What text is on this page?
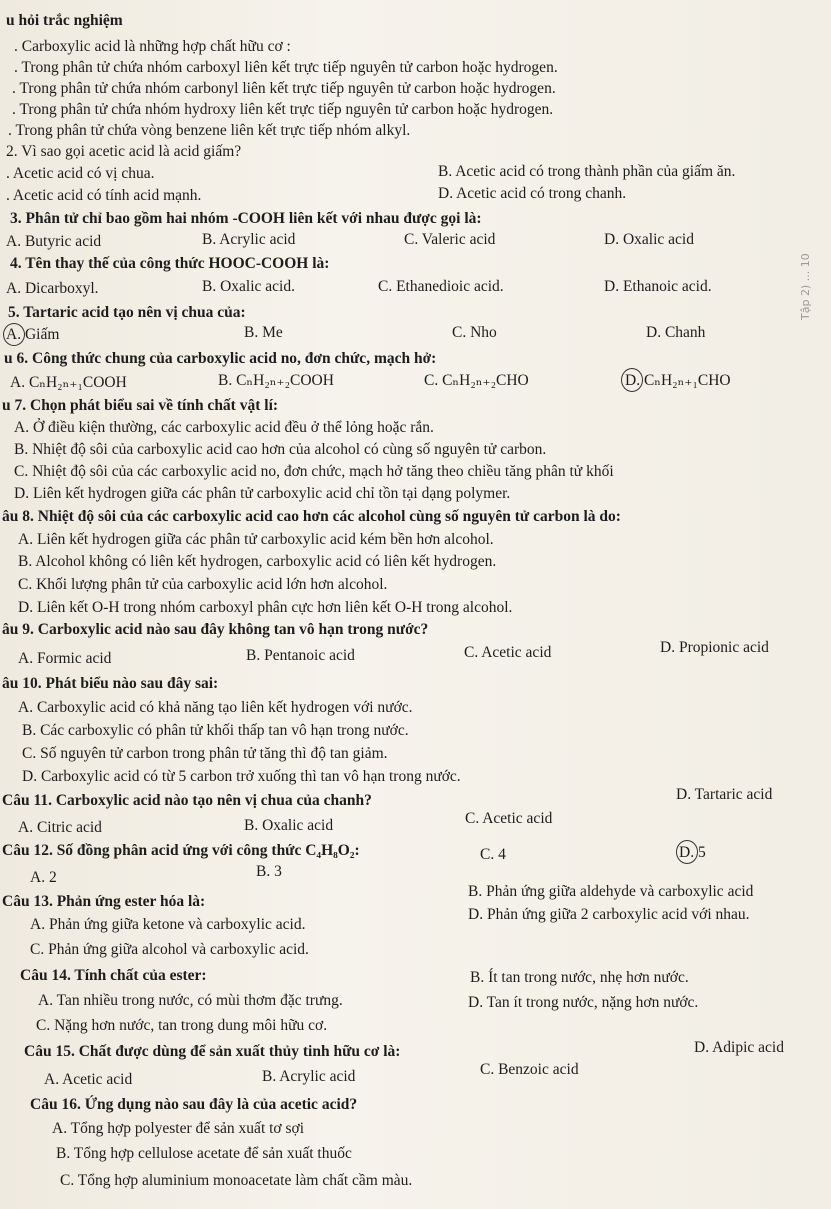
u hỏi trắc nghiệm
Tập 2) ... 10
. Carboxylic acid là những hợp chất hữu cơ :
. Trong phân tử chứa nhóm carboxyl liên kết trực tiếp nguyên tử carbon hoặc hydrogen.
. Trong phân tử chứa nhóm carbonyl liên kết trực tiếp nguyên tử carbon hoặc hydrogen.
. Trong phân tử chứa nhóm hydroxy liên kết trực tiếp nguyên tử carbon hoặc hydrogen.
. Trong phân tử chứa vòng benzene liên kết trực tiếp nhóm alkyl.
2. Vì sao gọi acetic acid là acid giấm?
. Acetic acid có vị chua.	B. Acetic acid có trong thành phần của giấm ăn.
. Acetic acid có tính acid mạnh.	D. Acetic acid có trong chanh.
3. Phân tử chỉ bao gồm hai nhóm -COOH liên kết với nhau được gọi là:
A. Butyric acid	B. Acrylic acid	C. Valeric acid	D. Oxalic acid
4. Tên thay thế của công thức HOOC-COOH là:
A. Dicarboxyl.	B. Oxalic acid.	C. Ethanedioic acid.	D. Ethanoic acid.
5. Tartaric acid tạo nên vị chua của:
A. Giấm	B. Me	C. Nho	D. Chanh
u 6. Công thức chung của carboxylic acid no, đơn chức, mạch hở:
A. CₙH₂ₙ₊₁COOH	B. CₙH₂ₙ₊₂COOH	C. CₙH₂ₙ₊₂CHO	D. CₙH₂ₙ₊₁CHO
u 7. Chọn phát biểu sai về tính chất vật lí:
A. Ở điều kiện thường, các carboxylic acid đều ở thể lỏng hoặc rắn.
B. Nhiệt độ sôi của carboxylic acid cao hơn của alcohol có cùng số nguyên tử carbon.
C. Nhiệt độ sôi của các carboxylic acid no, đơn chức, mạch hở tăng theo chiều tăng phân tử khối
D. Liên kết hydrogen giữa các phân tử carboxylic acid chỉ tồn tại dạng polymer.
âu 8. Nhiệt độ sôi của các carboxylic acid cao hơn các alcohol cùng số nguyên tử carbon là do:
A. Liên kết hydrogen giữa các phân tử carboxylic acid kém bền hơn alcohol.
B. Alcohol không có liên kết hydrogen, carboxylic acid có liên kết hydrogen.
C. Khối lượng phân tử của carboxylic acid lớn hơn alcohol.
D. Liên kết O-H trong nhóm carboxyl phân cực hơn liên kết O-H trong alcohol.
âu 9. Carboxylic acid nào sau đây không tan vô hạn trong nước?
A. Formic acid	B. Pentanoic acid	C. Acetic acid	D. Propionic acid
âu 10. Phát biểu nào sau đây sai:
A. Carboxylic acid có khả năng tạo liên kết hydrogen với nước.
B. Các carboxylic có phân tử khối thấp tan vô hạn trong nước.
C. Số nguyên tử carbon trong phân tử tăng thì độ tan giảm.
D. Carboxylic acid có từ 5 carbon trở xuống thì tan vô hạn trong nước.
Câu 11. Carboxylic acid nào tạo nên vị chua của chanh?
A. Citric acid	B. Oxalic acid	C. Acetic acid
D. Tartaric acid
Câu 12. Số đồng phân acid ứng với công thức C₄H₈O₂:
A. 2	B. 3
C. 4	D. 5
Câu 13. Phản ứng ester hóa là:
A. Phản ứng giữa ketone và carboxylic acid.
B. Phản ứng giữa aldehyde và carboxylic acid
C. Phản ứng giữa alcohol và carboxylic acid.
D. Phản ứng giữa 2 carboxylic acid với nhau.
Câu 14. Tính chất của ester:
A. Tan nhiều trong nước, có mùi thơm đặc trưng.
B. Ít tan trong nước, nhẹ hơn nước.
C. Nặng hơn nước, tan trong dung môi hữu cơ.
D. Tan ít trong nước, nặng hơn nước.
Câu 15. Chất được dùng để sản xuất thủy tinh hữu cơ là:
A. Acetic acid	B. Acrylic acid	C. Benzoic acid
D. Adipic acid
Câu 16. Ứng dụng nào sau đây là của acetic acid?
A. Tổng hợp polyester để sản xuất tơ sợi
B. Tổng hợp cellulose acetate để sản xuất thuốc
C. Tổng hợp aluminium monoacetate làm chất cầm màu.
